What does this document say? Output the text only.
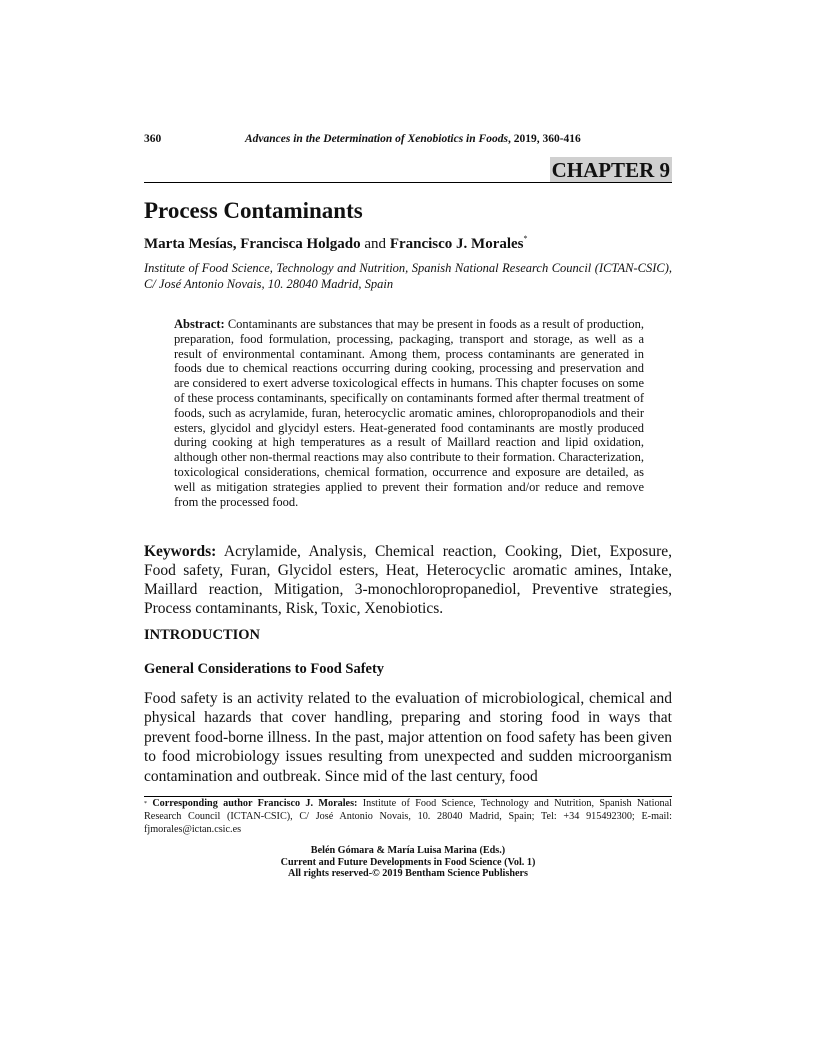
360	Advances in the Determination of Xenobiotics in Foods, 2019, 360-416
CHAPTER 9
Process Contaminants
Marta Mesías, Francisca Holgado and Francisco J. Morales*
Institute of Food Science, Technology and Nutrition, Spanish National Research Council (ICTAN-CSIC), C/ José Antonio Novais, 10. 28040 Madrid, Spain

Abstract: Contaminants are substances that may be present in foods as a result of production, preparation, food formulation, processing, packaging, transport and storage, as well as a result of environmental contaminant. Among them, process contaminants are generated in foods due to chemical reactions occurring during cooking, processing and preservation and are considered to exert adverse toxicological effects in humans. This chapter focuses on some of these process contaminants, specifically on contaminants formed after thermal treatment of foods, such as acrylamide, furan, heterocyclic aromatic amines, chloropropanodiols and their esters, glycidol and glycidyl esters. Heat-generated food contaminants are mostly produced during cooking at high temperatures as a result of Maillard reaction and lipid oxidation, although other non-thermal reactions may also contribute to their formation. Characterization, toxicological considerations, chemical formation, occurrence and exposure are detailed, as well as mitigation strategies applied to prevent their formation and/or reduce and remove from the processed food.

Keywords: Acrylamide, Analysis, Chemical reaction, Cooking, Diet, Exposure, Food safety, Furan, Glycidol esters, Heat, Heterocyclic aromatic amines, Intake, Maillard reaction, Mitigation, 3-monochloropropanediol, Preventive strategies, Process contaminants, Risk, Toxic, Xenobiotics.

INTRODUCTION
General Considerations to Food Safety

Food safety is an activity related to the evaluation of microbiological, chemical and physical hazards that cover handling, preparing and storing food in ways that prevent food-borne illness. In the past, major attention on food safety has been given to food microbiology issues resulting from unexpected and sudden microorganism contamination and outbreak. Since mid of the last century, food

* Corresponding author Francisco J. Morales: Institute of Food Science, Technology and Nutrition, Spanish National Research Council (ICTAN-CSIC), C/ José Antonio Novais, 10. 28040 Madrid, Spain; Tel: +34 915492300; E-mail: fjmorales@ictan.csic.es

Belén Gómara & María Luisa Marina (Eds.)
Current and Future Developments in Food Science (Vol. 1)
All rights reserved-© 2019 Bentham Science Publishers
